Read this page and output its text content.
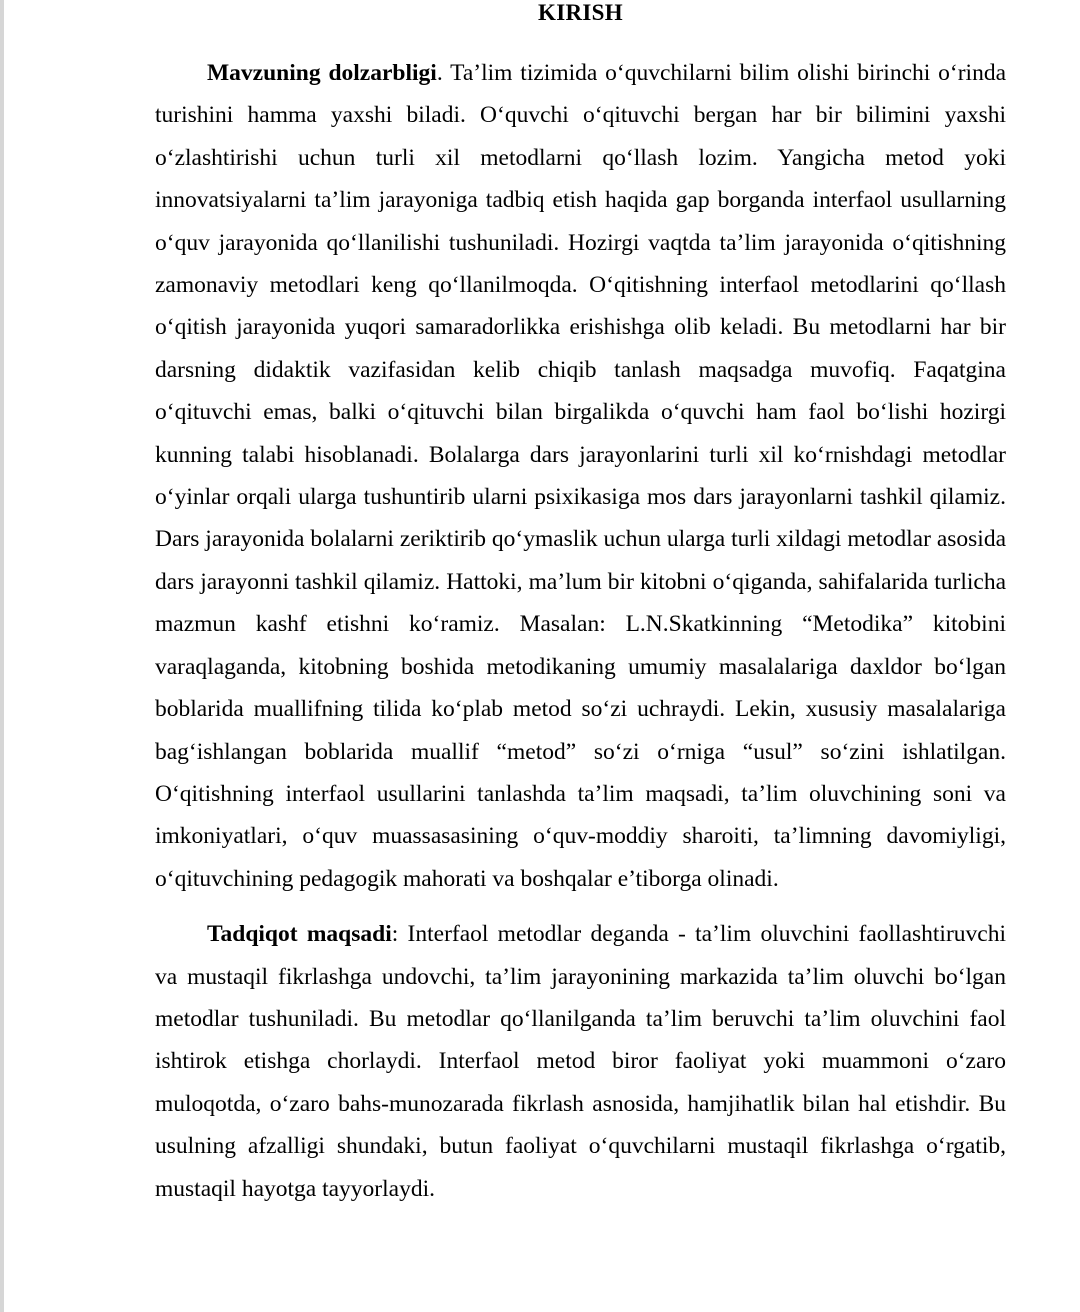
KIRISH

Mavzuning dolzarbligi. Ta’lim tizimida o‘quvchilarni bilim olishi birinchi o‘rinda turishini hamma yaxshi biladi. O‘quvchi o‘qituvchi bergan har bir bilimini yaxshi o‘zlashtirishi uchun turli xil metodlarni qo‘llash lozim. Yangicha metod yoki innovatsiyalarni ta’lim jarayoniga tadbiq etish haqida gap borganda interfaol usullarning o‘quv jarayonida qo‘llanilishi tushuniladi. Hozirgi vaqtda ta’lim jarayonida o‘qitishning zamonaviy metodlari keng qo‘llanilmoqda. O‘qitishning interfaol metodlarini qo‘llash o‘qitish jarayonida yuqori samaradorlikka erishishga olib keladi. Bu metodlarni har bir darsning didaktik vazifasidan kelib chiqib tanlash maqsadga muvofiq. Faqatgina o‘qituvchi emas, balki o‘qituvchi bilan birgalikda o‘quvchi ham faol bo‘lishi hozirgi kunning talabi hisoblanadi. Bolalarga dars jarayonlarini turli xil ko‘rnishdagi metodlar o‘yinlar orqali ularga tushuntirib ularni psixikasiga mos dars jarayonlarni tashkil qilamiz. Dars jarayonida bolalarni zeriktirib qo‘ymaslik uchun ularga turli xildagi metodlar asosida dars jarayonni tashkil qilamiz. Hattoki, ma’lum bir kitobni o‘qiganda, sahifalarida turlicha mazmun kashf etishni ko‘ramiz. Masalan: L.N.Skatkinning “Metodika” kitobini varaqlaganda, kitobning boshida metodikaning umumiy masalalariga daxldor bo‘lgan boblarida muallifning tilida ko‘plab metod so‘zi uchraydi. Lekin, xususiy masalalariga bag‘ishlangan boblarida muallif “metod” so‘zi o‘rniga “usul” so‘zini ishlatilgan. O‘qitishning interfaol usullarini tanlashda ta’lim maqsadi, ta’lim oluvchining soni va imkoniyatlari, o‘quv muassasasining o‘quv-moddiy sharoiti, ta’limning davomiyligi, o‘qituvchining pedagogik mahorati va boshqalar e’tiborga olinadi.

Tadqiqot maqsadi: Interfaol metodlar deganda - ta’lim oluvchini faollashtiruvchi va mustaqil fikrlashga undovchi, ta’lim jarayonining markazida ta’lim oluvchi bo‘lgan metodlar tushuniladi. Bu metodlar qo‘llanilganda ta’lim beruvchi ta’lim oluvchini faol ishtirok etishga chorlaydi. Interfaol metod biror faoliyat yoki muammoni o‘zaro muloqotda, o‘zaro bahs-munozarada fikrlash asnosida, hamjihatlik bilan hal etishdir. Bu usulning afzalligi shundaki, butun faoliyat o‘quvchilarni mustaqil fikrlashga o‘rgatib, mustaqil hayotga tayyorlaydi.
